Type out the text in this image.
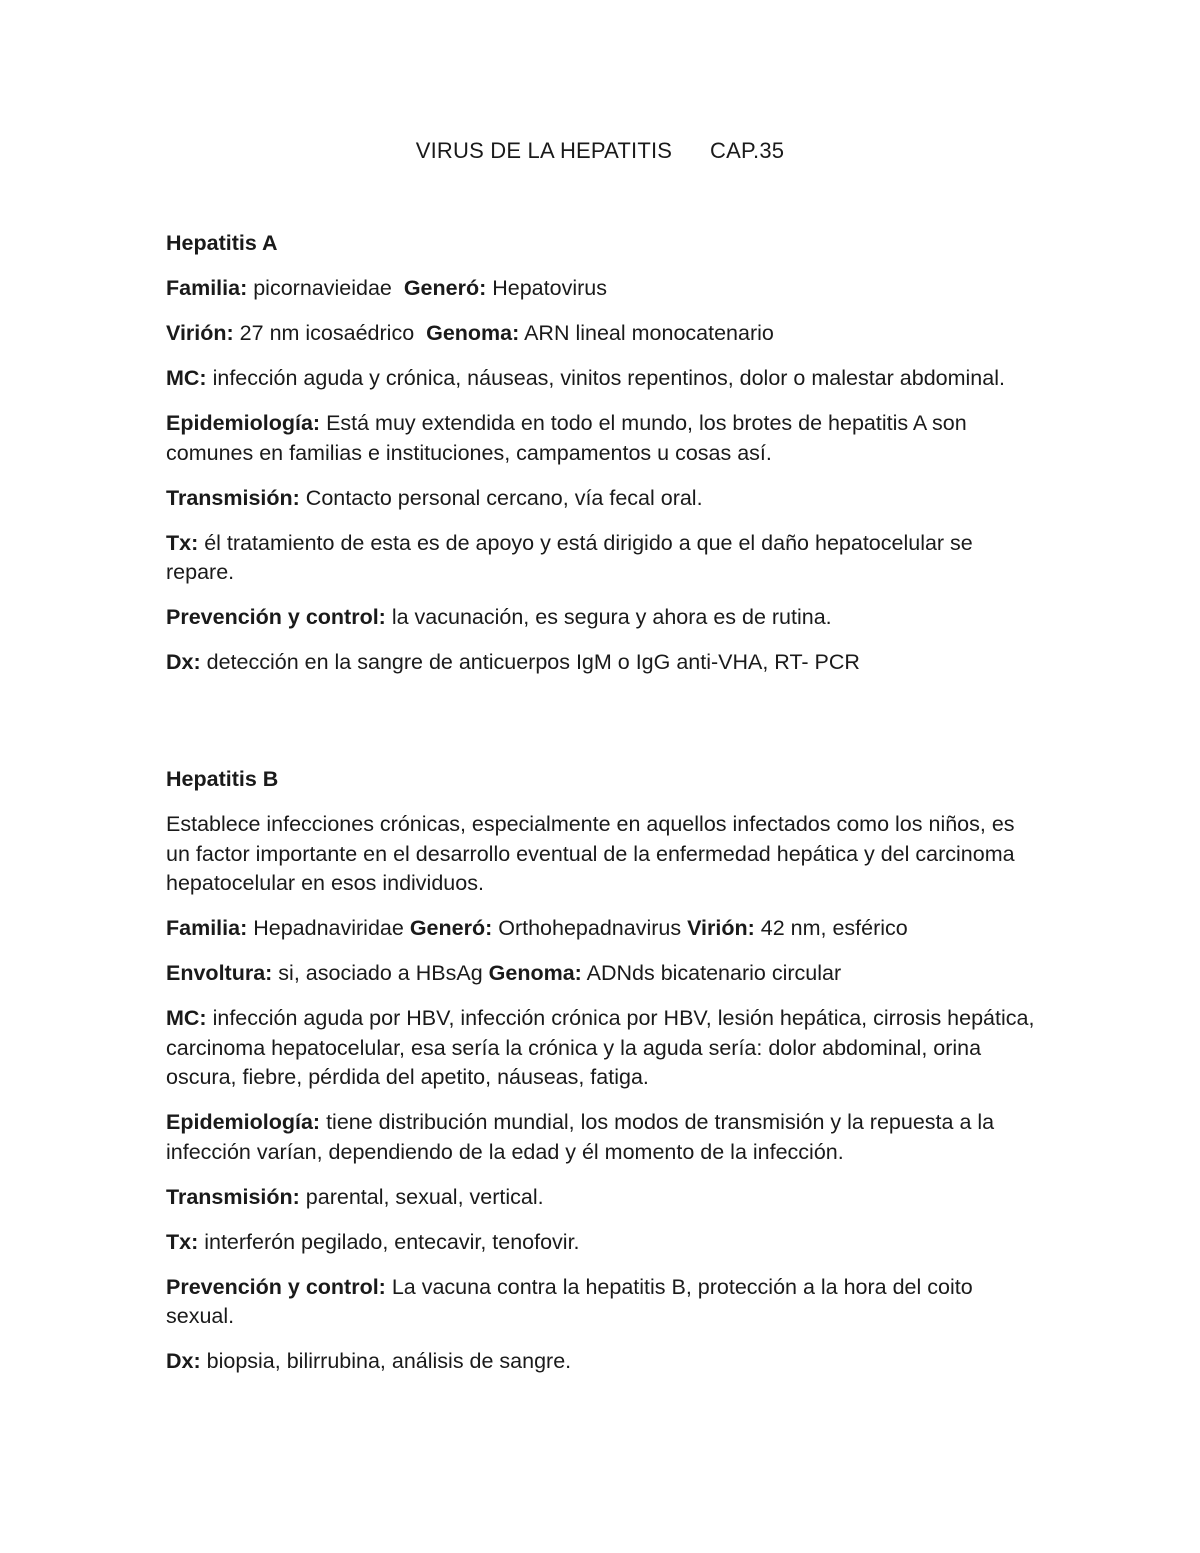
VIRUS DE LA HEPATITIS      CAP.35
Hepatitis A

Familia: picornavieidae  Generó: Hepatovirus

Virión: 27 nm icosaédrico  Genoma: ARN lineal monocatenario

MC: infección aguda y crónica, náuseas, vinitos repentinos, dolor o malestar abdominal.

Epidemiología: Está muy extendida en todo el mundo, los brotes de hepatitis A son comunes en familias e instituciones, campamentos u cosas así.

Transmisión: Contacto personal cercano, vía fecal oral.

Tx: él tratamiento de esta es de apoyo y está dirigido a que el daño hepatocelular se repare.

Prevención y control: la vacunación, es segura y ahora es de rutina.

Dx: detección en la sangre de anticuerpos IgM o IgG anti-VHA, RT- PCR

Hepatitis B

Establece infecciones crónicas, especialmente en aquellos infectados como los niños, es un factor importante en el desarrollo eventual de la enfermedad hepática y del carcinoma hepatocelular en esos individuos.

Familia: Hepadnaviridae Generó: Orthohepadnavirus Virión: 42 nm, esférico

Envoltura: si, asociado a HBsAg Genoma: ADNds bicatenario circular

MC: infección aguda por HBV, infección crónica por HBV, lesión hepática, cirrosis hepática, carcinoma hepatocelular, esa sería la crónica y la aguda sería: dolor abdominal, orina oscura, fiebre, pérdida del apetito, náuseas, fatiga.

Epidemiología: tiene distribución mundial, los modos de transmisión y la repuesta a la infección varían, dependiendo de la edad y él momento de la infección.

Transmisión: parental, sexual, vertical.

Tx: interferón pegilado, entecavir, tenofovir.

Prevención y control: La vacuna contra la hepatitis B, protección a la hora del coito sexual.

Dx: biopsia, bilirrubina, análisis de sangre.
